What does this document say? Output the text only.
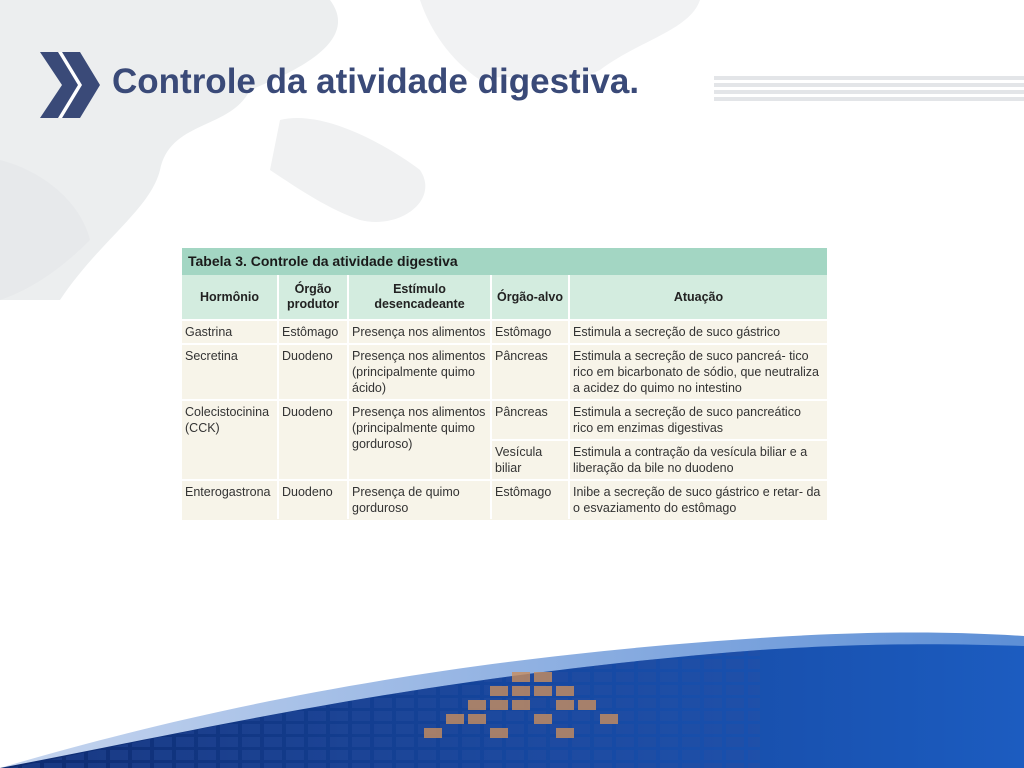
Controle da atividade digestiva.
Tabela 3. Controle da atividade digestiva
Hormônio	Órgão produtor	Estímulo desencadeante	Órgão-alvo	Atuação
Gastrina	Estômago	Presença nos alimentos	Estômago	Estimula a secreção de suco gástrico
Secretina	Duodeno	Presença nos alimentos (principalmente quimo ácido)	Pâncreas	Estimula a secreção de suco pancreá- tico rico em bicarbonato de sódio, que neutraliza a acidez do quimo no intestino
Colecistocinina (CCK)	Duodeno	Presença nos alimentos (principalmente quimo gorduroso)	Pâncreas	Estimula a secreção de suco pancreático rico em enzimas digestivas
			Vesícula biliar	Estimula a contração da vesícula biliar e a liberação da bile no duodeno
Enterogastrona	Duodeno	Presença de quimo gorduroso	Estômago	Inibe a secreção de suco gástrico e retar- da o esvaziamento do estômago
